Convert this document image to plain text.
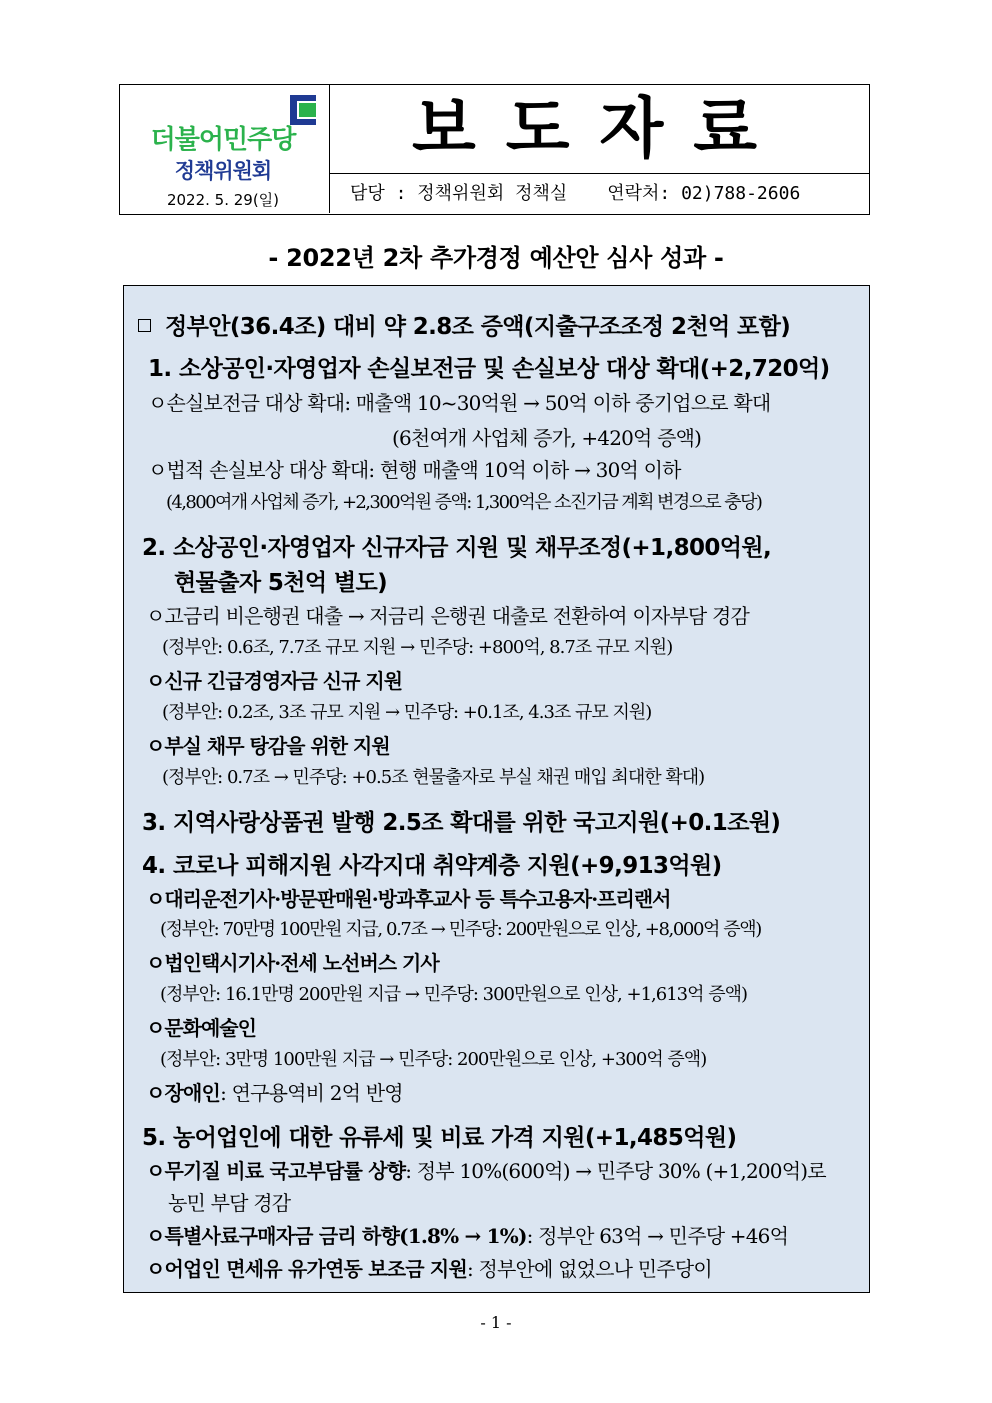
더불어민주당
정책위원회
2022. 5. 29(일)
보도자료
담당 : 정책위원회 정책실 연락처: 02)788-2606
- 2022년 2차 추가경정 예산안 심사 성과 -
정부안(36.4조) 대비 약 2.8조 증액(지출구조조정 2천억 포함)
1. 소상공인·자영업자 손실보전금 및 손실보상 대상 확대(+2,720억)
ㅇ손실보전금 대상 확대: 매출액 10~30억원 → 50억 이하 중기업으로 확대
(6천여개 사업체 증가, +420억 증액)
ㅇ법적 손실보상 대상 확대: 현행 매출액 10억 이하 → 30억 이하
(4,800여개 사업체 증가, +2,300억원 증액: 1,300억은 소진기금 계획 변경으로 충당)
2. 소상공인·자영업자 신규자금 지원 및 채무조정(+1,800억원,
현물출자 5천억 별도)
ㅇ고금리 비은행권 대출 → 저금리 은행권 대출로 전환하여 이자부담 경감
(정부안: 0.6조, 7.7조 규모 지원 → 민주당: +800억, 8.7조 규모 지원)
ㅇ신규 긴급경영자금 신규 지원
(정부안: 0.2조, 3조 규모 지원 → 민주당: +0.1조, 4.3조 규모 지원)
ㅇ부실 채무 탕감을 위한 지원
(정부안: 0.7조 → 민주당: +0.5조 현물출자로 부실 채권 매입 최대한 확대)
3. 지역사랑상품권 발행 2.5조 확대를 위한 국고지원(+0.1조원)
4. 코로나 피해지원 사각지대 취약계층 지원(+9,913억원)
ㅇ대리운전기사·방문판매원·방과후교사 등 특수고용자·프리랜서
(정부안: 70만명 100만원 지급, 0.7조 → 민주당: 200만원으로 인상, +8,000억 증액)
ㅇ법인택시기사·전세 노선버스 기사
(정부안: 16.1만명 200만원 지급 → 민주당: 300만원으로 인상, +1,613억 증액)
ㅇ문화예술인
(정부안: 3만명 100만원 지급 → 민주당: 200만원으로 인상, +300억 증액)
ㅇ장애인: 연구용역비 2억 반영
5. 농어업인에 대한 유류세 및 비료 가격 지원(+1,485억원)
ㅇ무기질 비료 국고부담률 상향: 정부 10%(600억) → 민주당 30% (+1,200억)로
농민 부담 경감
ㅇ특별사료구매자금 금리 하향(1.8% → 1%): 정부안 63억 → 민주당 +46억
ㅇ어업인 면세유 유가연동 보조금 지원: 정부안에 없었으나 민주당이
- 1 -
